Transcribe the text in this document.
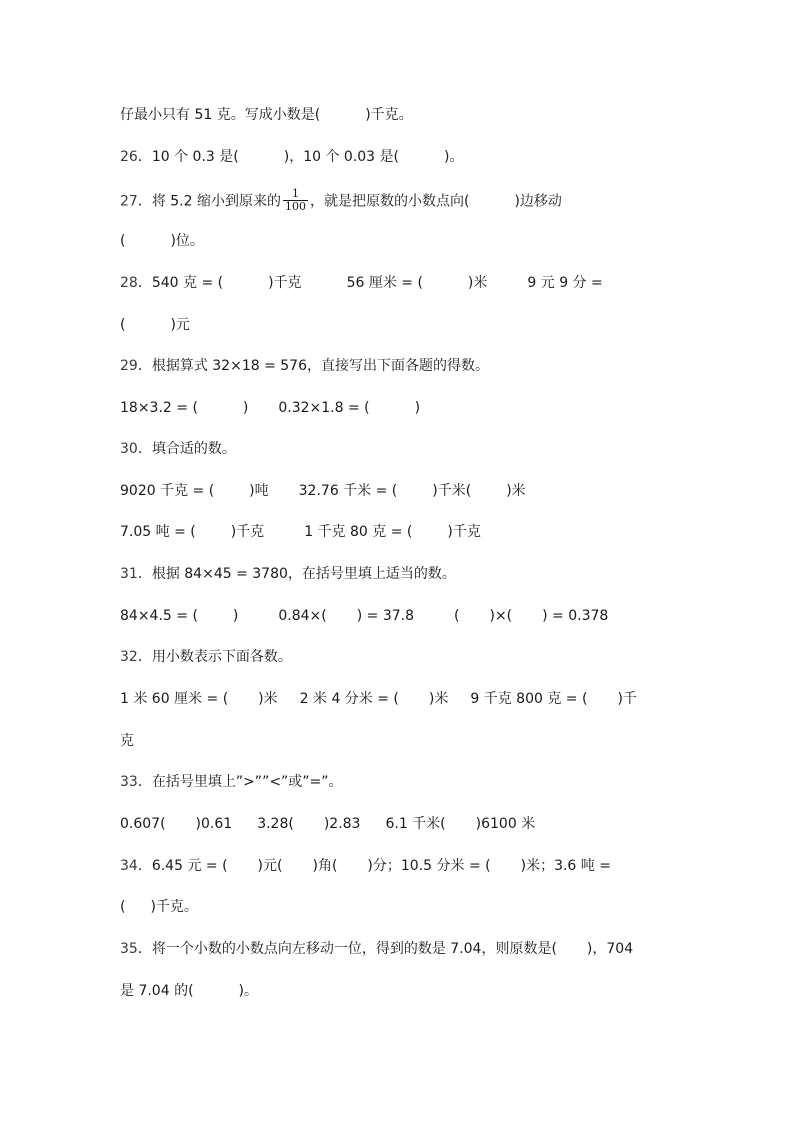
仔最小只有 51 克。写成小数是(	)千克。
26．10 个 0.3 是(	)，10 个 0.03 是(	)。
27．将 5.2 缩小到原来的 $\frac{1}{100}$ ，就是把原数的小数点向(	)边移动
(	)位。
28．540 克 = (	)千克	56 厘米 = (	)米	9 元 9 分 =
(	)元
29．根据算式 32×18 = 576，直接写出下面各题的得数。
18×3.2 = (	) 0.32×1.8 = (	)
30．填合适的数。
9020 千克 = (	)吨 32.76 千米 = (	)千米(	)米
7.05 吨 = (	)千克	1 千克 80 克 = (	)千克
31．根据 84×45 = 3780，在括号里填上适当的数。
84×4.5 = (	)	0.84×( ) = 37.8	( )×( ) = 0.378
32．用小数表示下面各数。
1 米 60 厘米 = ( )米 2 米 4 分米 = ( )米 9 千克 800 克 = ( )千
克
33．在括号里填上”>””<”或”=”。
0.607( )0.61 3.28( )2.83 6.1 千米( )6100 米
34．6.45 元 = ( )元( )角( )分；10.5 分米 = ( )米；3.6 吨 =
( )千克。
35．将一个小数的小数点向左移动一位，得到的数是 7.04，则原数是( )，704
是 7.04 的(	)。
